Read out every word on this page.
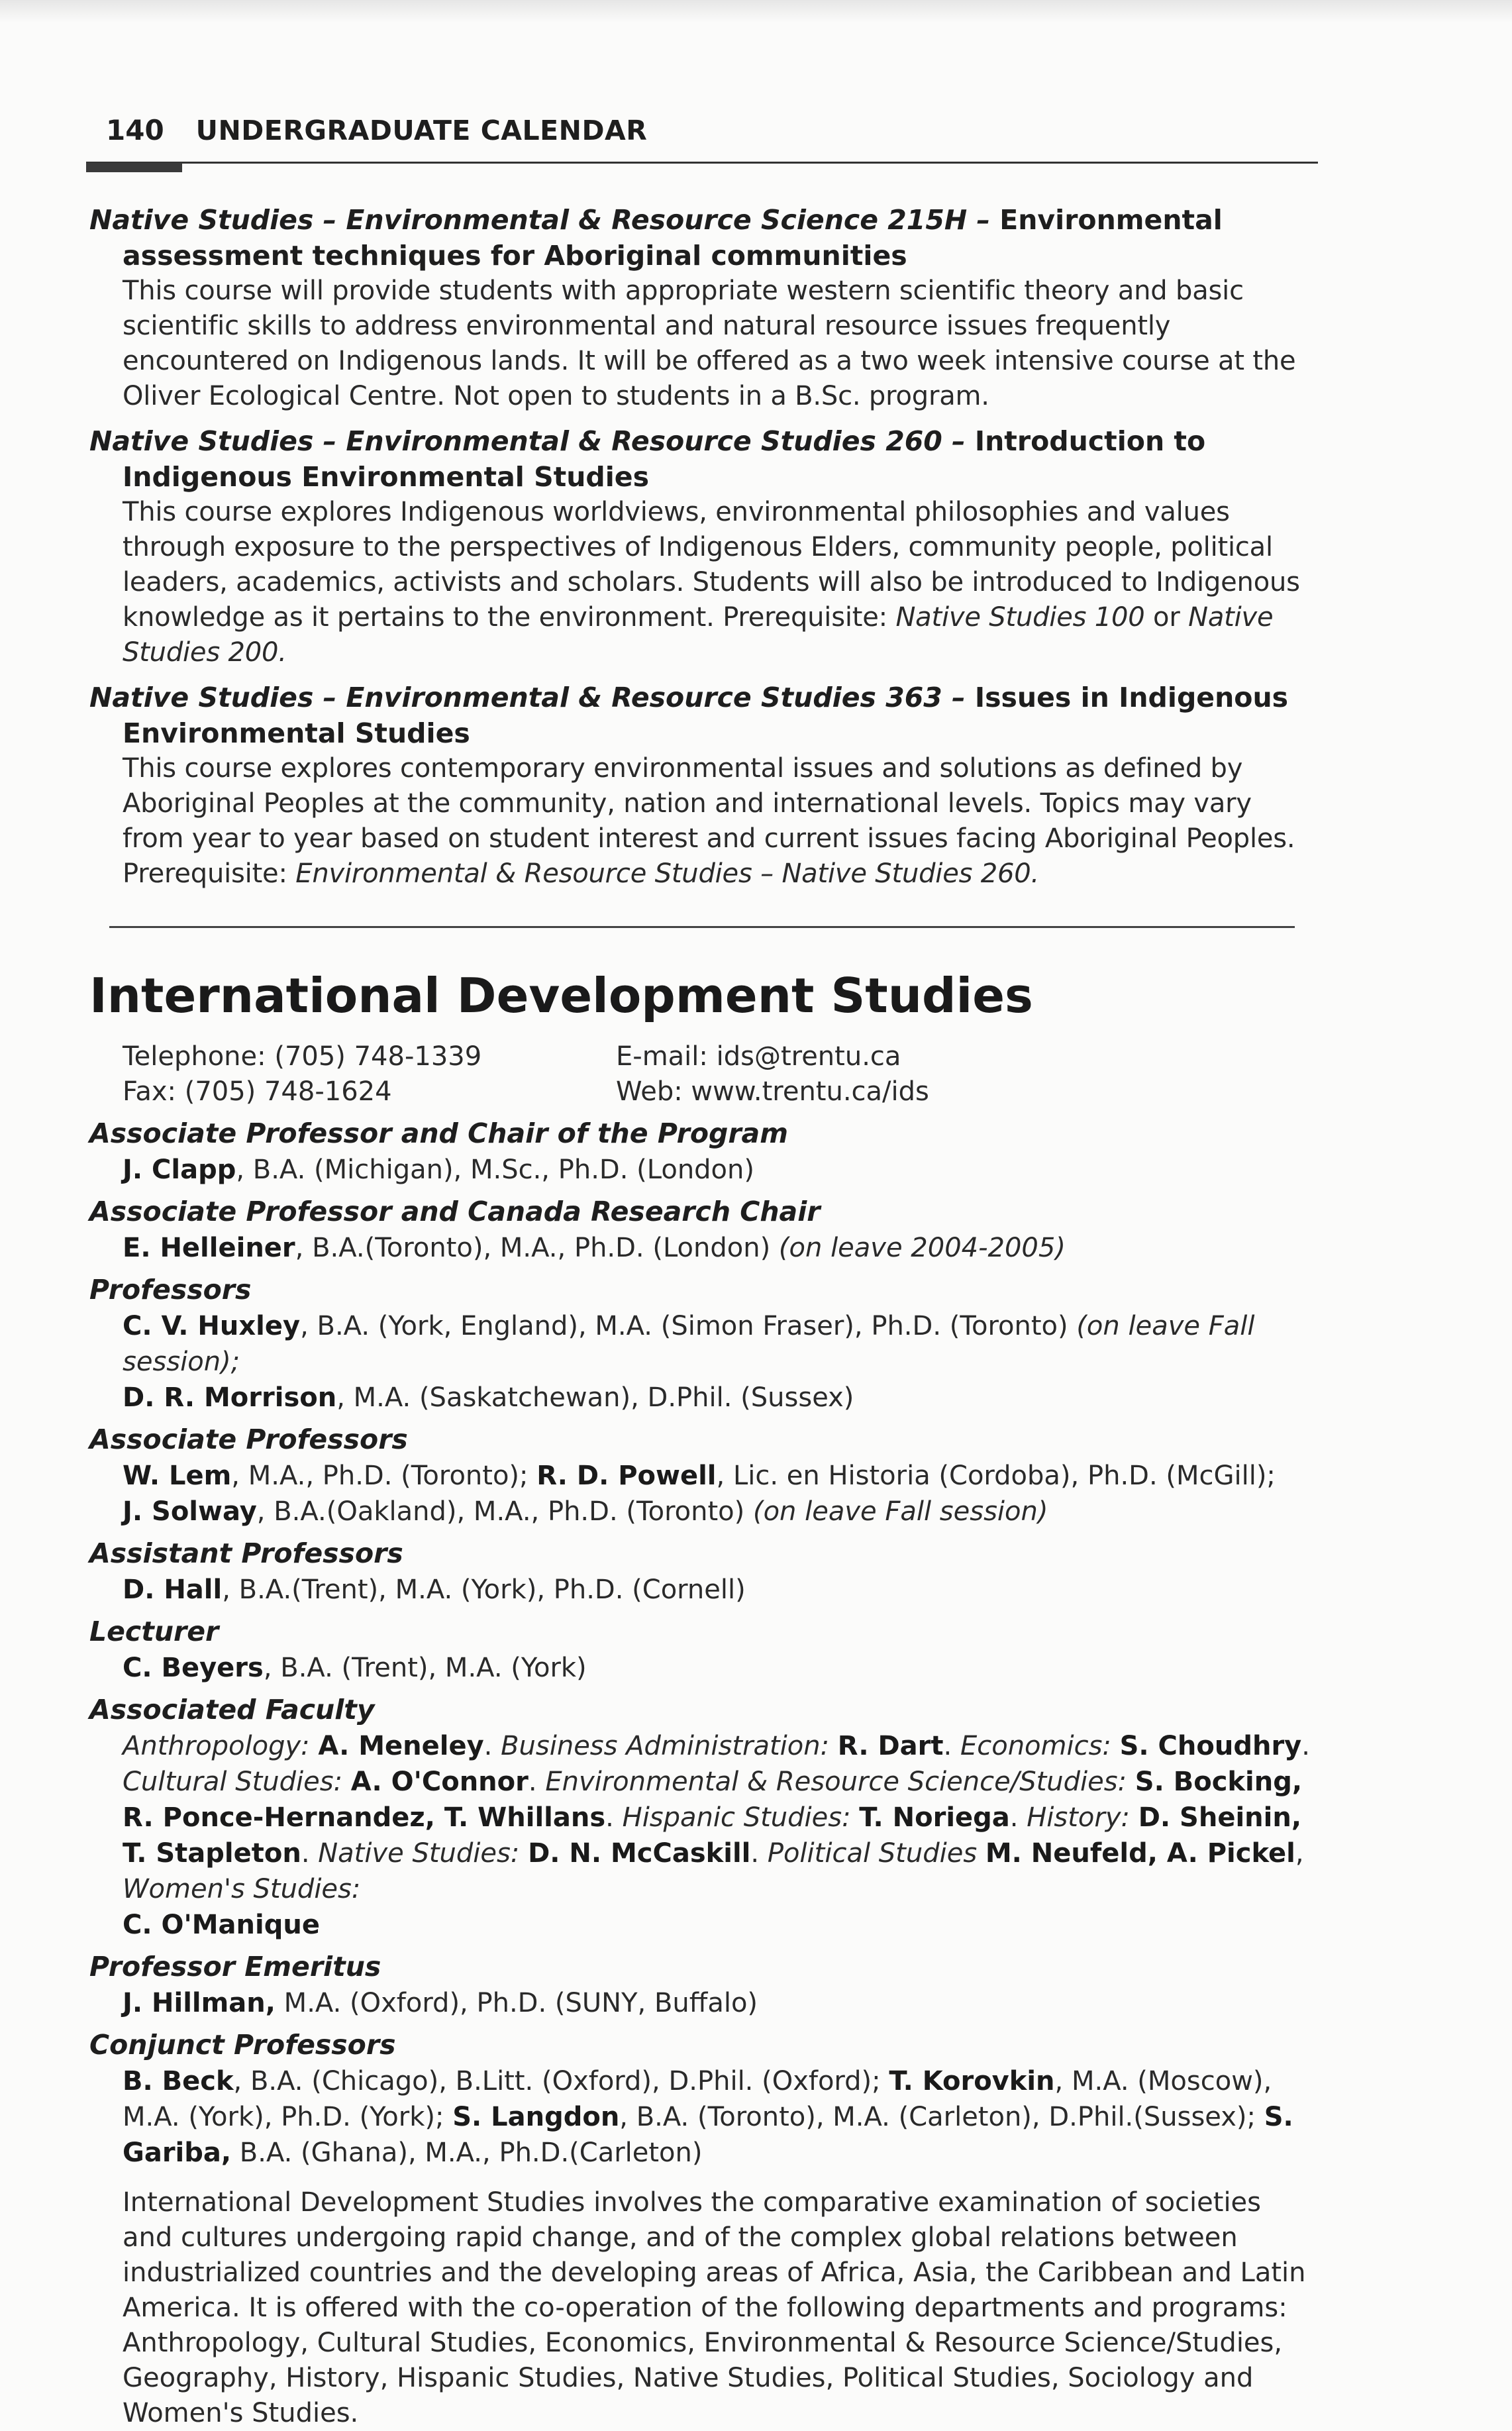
140 UNDERGRADUATE CALENDAR

Native Studies – Environmental & Resource Science 215H – Environmental assessment techniques for Aboriginal communities

This course will provide students with appropriate western scientific theory and basic scientific skills to address environmental and natural resource issues frequently encountered on Indigenous lands. It will be offered as a two week intensive course at the Oliver Ecological Centre. Not open to students in a B.Sc. program.

Native Studies – Environmental & Resource Studies 260 – Introduction to Indigenous Environmental Studies

This course explores Indigenous worldviews, environmental philosophies and values through exposure to the perspectives of Indigenous Elders, community people, political leaders, academics, activists and scholars. Students will also be introduced to Indigenous knowledge as it pertains to the environment. Prerequisite: Native Studies 100 or Native Studies 200.

Native Studies – Environmental & Resource Studies 363 – Issues in Indigenous Environmental Studies

This course explores contemporary environmental issues and solutions as defined by Aboriginal Peoples at the community, nation and international levels. Topics may vary from year to year based on student interest and current issues facing Aboriginal Peoples. Prerequisite: Environmental & Resource Studies – Native Studies 260.

International Development Studies
Telephone: (705) 748-1339	E-mail: ids@trentu.ca
Fax: (705) 748-1624	Web: www.trentu.ca/ids

Associate Professor and Chair of the Program

J. Clapp, B.A. (Michigan), M.Sc., Ph.D. (London)

Associate Professor and Canada Research Chair

E. Helleiner, B.A.(Toronto), M.A., Ph.D. (London) (on leave 2004-2005)

Professors

C. V. Huxley, B.A. (York, England), M.A. (Simon Fraser), Ph.D. (Toronto) (on leave Fall session);
D. R. Morrison, M.A. (Saskatchewan), D.Phil. (Sussex)

Associate Professors

W. Lem, M.A., Ph.D. (Toronto); R. D. Powell, Lic. en Historia (Cordoba), Ph.D. (McGill);
J. Solway, B.A.(Oakland), M.A., Ph.D. (Toronto) (on leave Fall session)

Assistant Professors

D. Hall, B.A.(Trent), M.A. (York), Ph.D. (Cornell)

Lecturer

C. Beyers, B.A. (Trent), M.A. (York)

Associated Faculty

Anthropology: A. Meneley. Business Administration: R. Dart. Economics: S. Choudhry. Cultural Studies: A. O'Connor. Environmental & Resource Science/Studies: S. Bocking, R. Ponce-Hernandez, T. Whillans. Hispanic Studies: T. Noriega. History: D. Sheinin, T. Stapleton. Native Studies: D. N. McCaskill. Political Studies M. Neufeld, A. Pickel, Women's Studies:
C. O'Manique

Professor Emeritus

J. Hillman, M.A. (Oxford), Ph.D. (SUNY, Buffalo)

Conjunct Professors

B. Beck, B.A. (Chicago), B.Litt. (Oxford), D.Phil. (Oxford); T. Korovkin, M.A. (Moscow), M.A. (York), Ph.D. (York); S. Langdon, B.A. (Toronto), M.A. (Carleton), D.Phil.(Sussex); S. Gariba, B.A. (Ghana), M.A., Ph.D.(Carleton)

International Development Studies involves the comparative examination of societies and cultures undergoing rapid change, and of the complex global relations between industrialized countries and the developing areas of Africa, Asia, the Caribbean and Latin America. It is offered with the co-operation of the following departments and programs: Anthropology, Cultural Studies, Economics, Environmental & Resource Science/Studies, Geography, History, Hispanic Studies, Native Studies, Political Studies, Sociology and Women's Studies.
